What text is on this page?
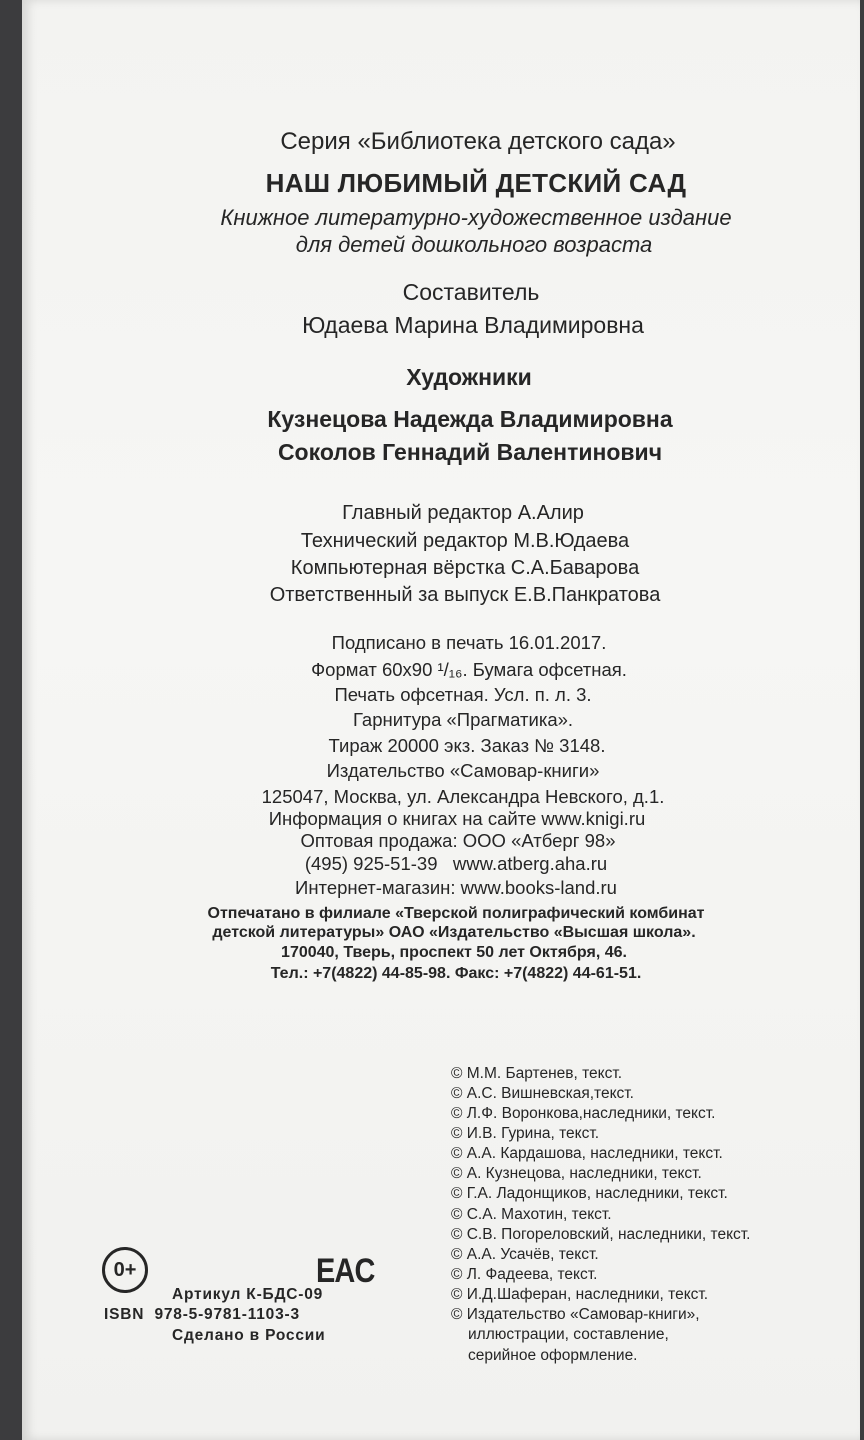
Серия «Библиотека детского сада»
НАШ ЛЮБИМЫЙ ДЕТСКИЙ САД
Книжное литературно-художественное издание
для детей дошкольного возраста
Составитель
Юдаева Марина Владимировна
Художники
Кузнецова Надежда Владимировна
Соколов Геннадий Валентинович
Главный редактор А.Алир
Технический редактор М.В.Юдаева
Компьютерная вёрстка С.А.Баварова
Ответственный за выпуск Е.В.Панкратова
Подписано в печать 16.01.2017.
Формат 60x90 ¹/₁₆. Бумага офсетная.
Печать офсетная. Усл. п. л. 3.
Гарнитура «Прагматика».
Тираж 20000 экз. Заказ № 3148.
Издательство «Самовар-книги»
125047, Москва, ул. Александра Невского, д.1.
Информация о книгах на сайте www.knigi.ru
Оптовая продажа: ООО «Атберг 98»
(495) 925-51-39   www.atberg.aha.ru
Интернет-магазин: www.books-land.ru
Отпечатано в филиале «Тверской полиграфический комбинат
детской литературы» ОАО «Издательство «Высшая школа».
170040, Тверь, проспект 50 лет Октября, 46.
Тел.: +7(4822) 44-85-98. Факс: +7(4822) 44-61-51.
© М.М. Бартенев, текст.
© А.С. Вишневская,текст.
© Л.Ф. Воронкова,наследники, текст.
© И.В. Гурина, текст.
© А.А. Кардашова, наследники, текст.
© А. Кузнецова, наследники, текст.
© Г.А. Ладонщиков, наследники, текст.
© С.А. Махотин, текст.
© С.В. Погореловский, наследники, текст.
© А.А. Усачёв, текст.
© Л. Фадеева, текст.
© И.Д.Шаферан, наследники, текст.
© Издательство «Самовар-книги»,
иллюстрации, составление,
серийное оформление.
0+	EAC
Артикул К-БДС-09
ISBN  978-5-9781-1103-3
Сделано в России
